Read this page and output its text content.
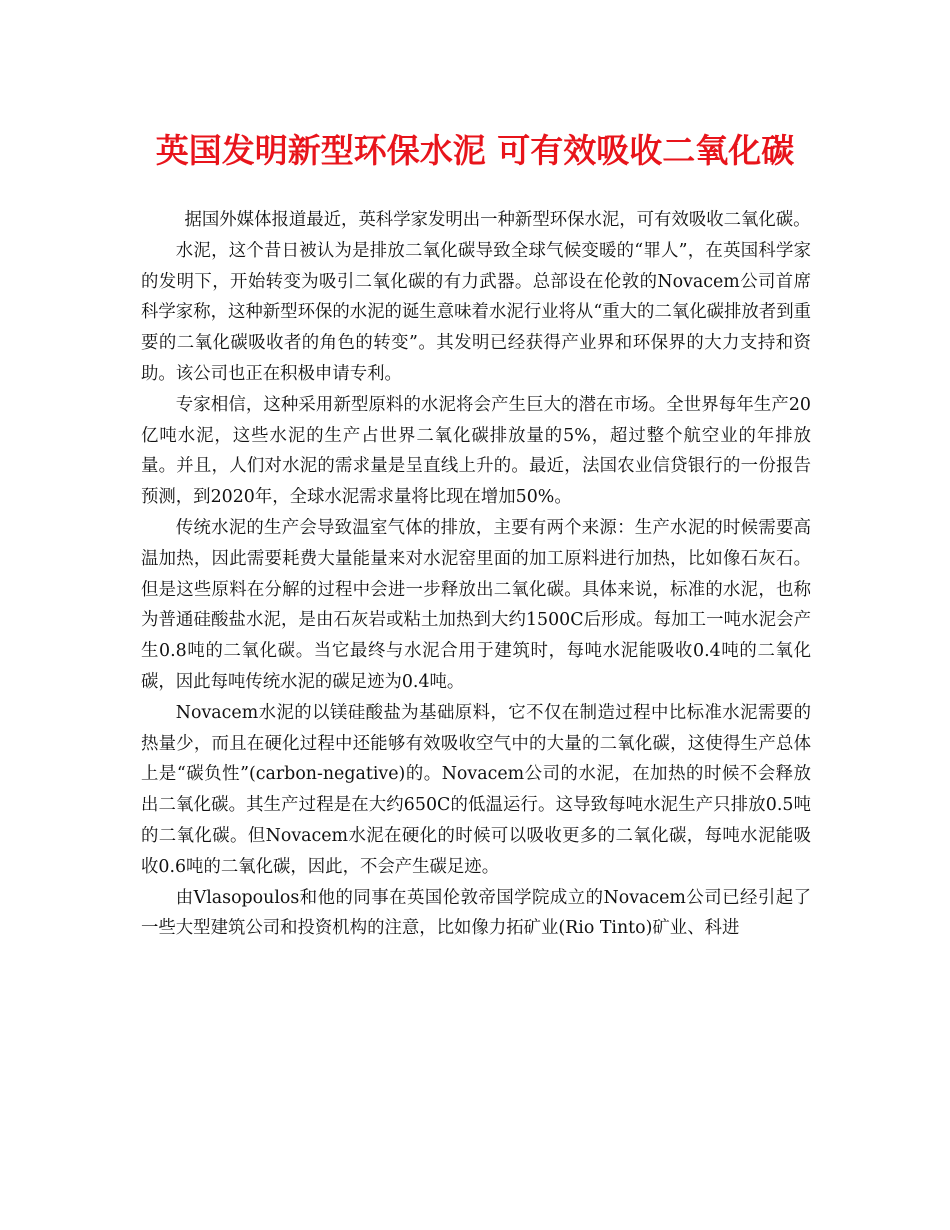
英国发明新型环保水泥 可有效吸收二氧化碳

据国外媒体报道最近，英科学家发明出一种新型环保水泥，可有效吸收二氧化碳。

水泥，这个昔日被认为是排放二氧化碳导致全球气候变暖的“罪人”，在英国科学家的发明下，开始转变为吸引二氧化碳的有力武器。总部设在伦敦的Novacem公司首席科学家称，这种新型环保的水泥的诞生意味着水泥行业将从“重大的二氧化碳排放者到重要的二氧化碳吸收者的角色的转变”。其发明已经获得产业界和环保界的大力支持和资助。该公司也正在积极申请专利。

专家相信，这种采用新型原料的水泥将会产生巨大的潜在市场。全世界每年生产20亿吨水泥，这些水泥的生产占世界二氧化碳排放量的5%，超过整个航空业的年排放量。并且，人们对水泥的需求量是呈直线上升的。最近，法国农业信贷银行的一份报告预测，到2020年，全球水泥需求量将比现在增加50%。

传统水泥的生产会导致温室气体的排放，主要有两个来源：生产水泥的时候需要高温加热，因此需要耗费大量能量来对水泥窑里面的加工原料进行加热，比如像石灰石。但是这些原料在分解的过程中会进一步释放出二氧化碳。具体来说，标准的水泥，也称为普通硅酸盐水泥，是由石灰岩或粘土加热到大约1500C后形成。每加工一吨水泥会产生0.8吨的二氧化碳。当它最终与水泥合用于建筑时，每吨水泥能吸收0.4吨的二氧化碳，因此每吨传统水泥的碳足迹为0.4吨。

Novacem水泥的以镁硅酸盐为基础原料，它不仅在制造过程中比标准水泥需要的热量少，而且在硬化过程中还能够有效吸收空气中的大量的二氧化碳，这使得生产总体上是“碳负性”(carbon-negative)的。Novacem公司的水泥，在加热的时候不会释放出二氧化碳。其生产过程是在大约650C的低温运行。这导致每吨水泥生产只排放0.5吨的二氧化碳。但Novacem水泥在硬化的时候可以吸收更多的二氧化碳，每吨水泥能吸收0.6吨的二氧化碳，因此，不会产生碳足迹。

由Vlasopoulos和他的同事在英国伦敦帝国学院成立的Novacem公司已经引起了一些大型建筑公司和投资机构的注意，比如像力拓矿业(Rio Tinto)矿业、科进
